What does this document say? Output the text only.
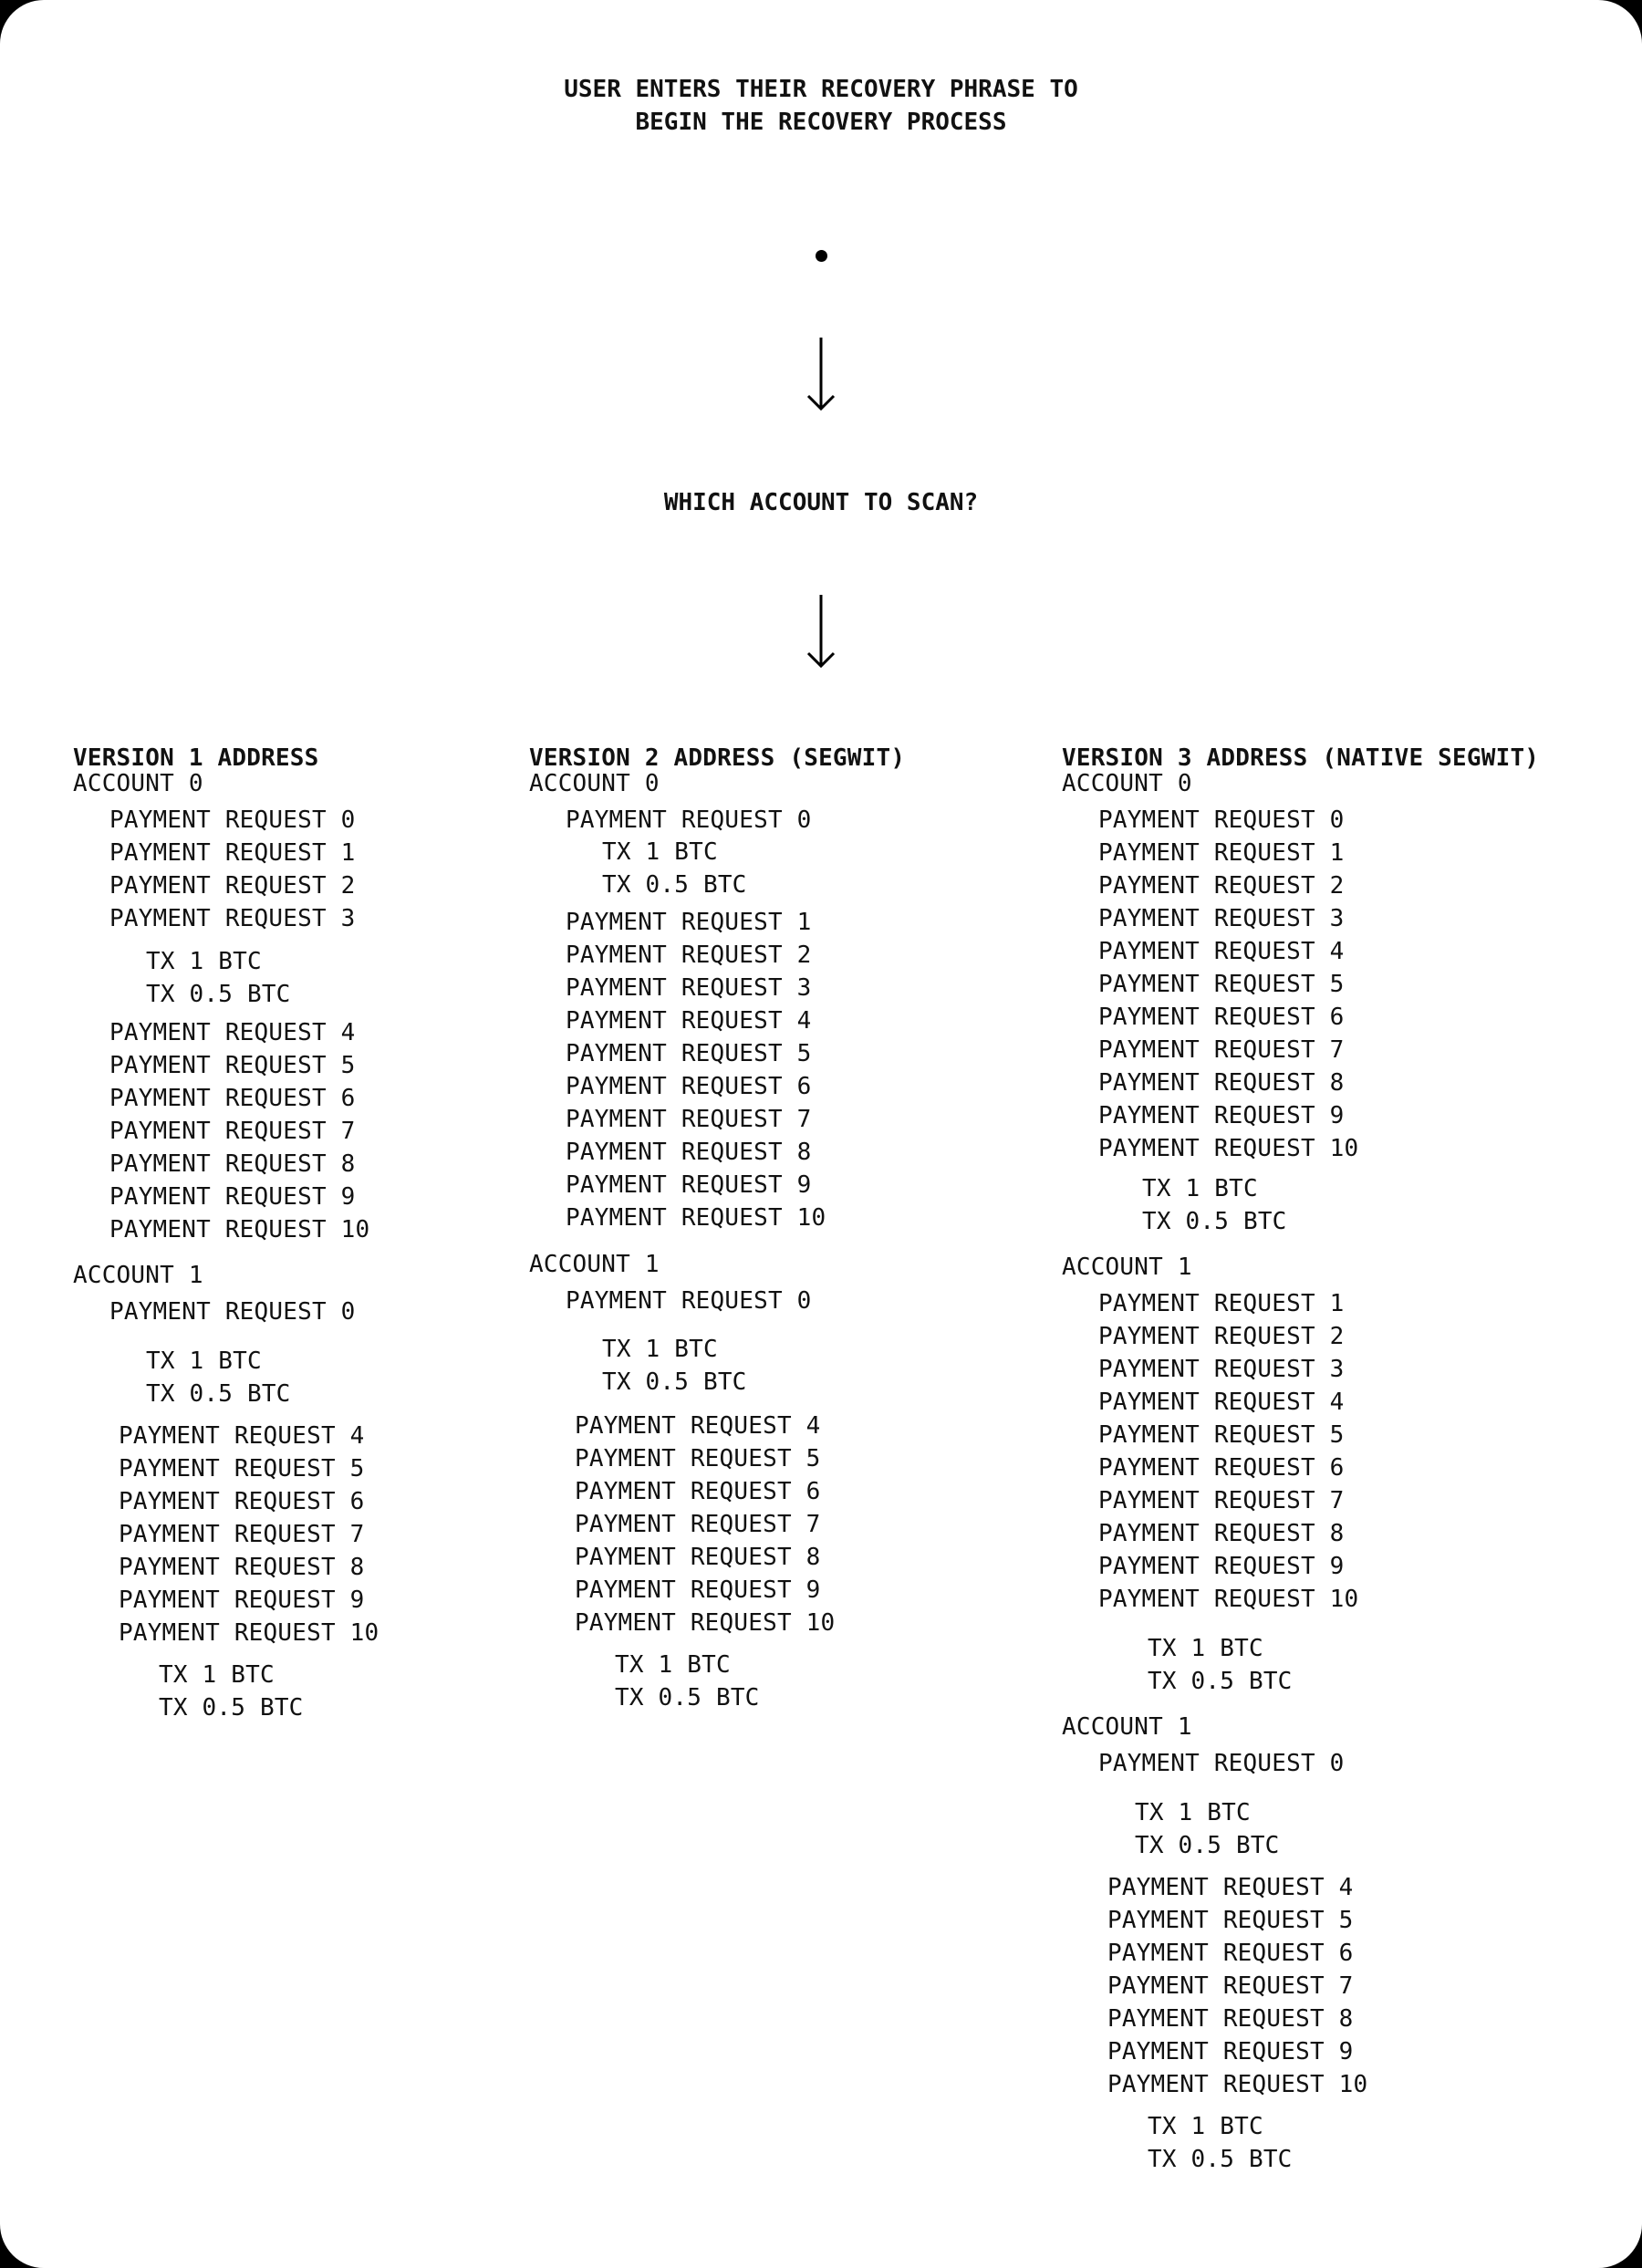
USER ENTERS THEIR RECOVERY PHRASE TO BEGIN THE RECOVERY PROCESS
WHICH ACCOUNT TO SCAN?
VERSION 1 ADDRESS	VERSION 2 ADDRESS (SEGWIT)	VERSION 3 ADDRESS (NATIVE SEGWIT)
ACCOUNT 0
PAYMENT REQUEST 0
PAYMENT REQUEST 1
PAYMENT REQUEST 2
PAYMENT REQUEST 3
TX 1 BTC
TX 0.5 BTC
PAYMENT REQUEST 4
PAYMENT REQUEST 5
PAYMENT REQUEST 6
PAYMENT REQUEST 7
PAYMENT REQUEST 8
PAYMENT REQUEST 9
PAYMENT REQUEST 10
ACCOUNT 1
PAYMENT REQUEST 0
TX 1 BTC
TX 0.5 BTC
PAYMENT REQUEST 4
PAYMENT REQUEST 5
PAYMENT REQUEST 6
PAYMENT REQUEST 7
PAYMENT REQUEST 8
PAYMENT REQUEST 9
PAYMENT REQUEST 10
TX 1 BTC
TX 0.5 BTC
ACCOUNT 0
PAYMENT REQUEST 0
TX 1 BTC
TX 0.5 BTC
PAYMENT REQUEST 1
PAYMENT REQUEST 2
PAYMENT REQUEST 3
PAYMENT REQUEST 4
PAYMENT REQUEST 5
PAYMENT REQUEST 6
PAYMENT REQUEST 7
PAYMENT REQUEST 8
PAYMENT REQUEST 9
PAYMENT REQUEST 10
ACCOUNT 1
PAYMENT REQUEST 0
TX 1 BTC
TX 0.5 BTC
PAYMENT REQUEST 4
PAYMENT REQUEST 5
PAYMENT REQUEST 6
PAYMENT REQUEST 7
PAYMENT REQUEST 8
PAYMENT REQUEST 9
PAYMENT REQUEST 10
TX 1 BTC
TX 0.5 BTC
ACCOUNT 0
PAYMENT REQUEST 0
PAYMENT REQUEST 1
PAYMENT REQUEST 2
PAYMENT REQUEST 3
PAYMENT REQUEST 4
PAYMENT REQUEST 5
PAYMENT REQUEST 6
PAYMENT REQUEST 7
PAYMENT REQUEST 8
PAYMENT REQUEST 9
PAYMENT REQUEST 10
TX 1 BTC
TX 0.5 BTC
ACCOUNT 1
PAYMENT REQUEST 1
PAYMENT REQUEST 2
PAYMENT REQUEST 3
PAYMENT REQUEST 4
PAYMENT REQUEST 5
PAYMENT REQUEST 6
PAYMENT REQUEST 7
PAYMENT REQUEST 8
PAYMENT REQUEST 9
PAYMENT REQUEST 10
TX 1 BTC
TX 0.5 BTC
ACCOUNT 1
PAYMENT REQUEST 0
TX 1 BTC
TX 0.5 BTC
PAYMENT REQUEST 4
PAYMENT REQUEST 5
PAYMENT REQUEST 6
PAYMENT REQUEST 7
PAYMENT REQUEST 8
PAYMENT REQUEST 9
PAYMENT REQUEST 10
TX 1 BTC
TX 0.5 BTC
